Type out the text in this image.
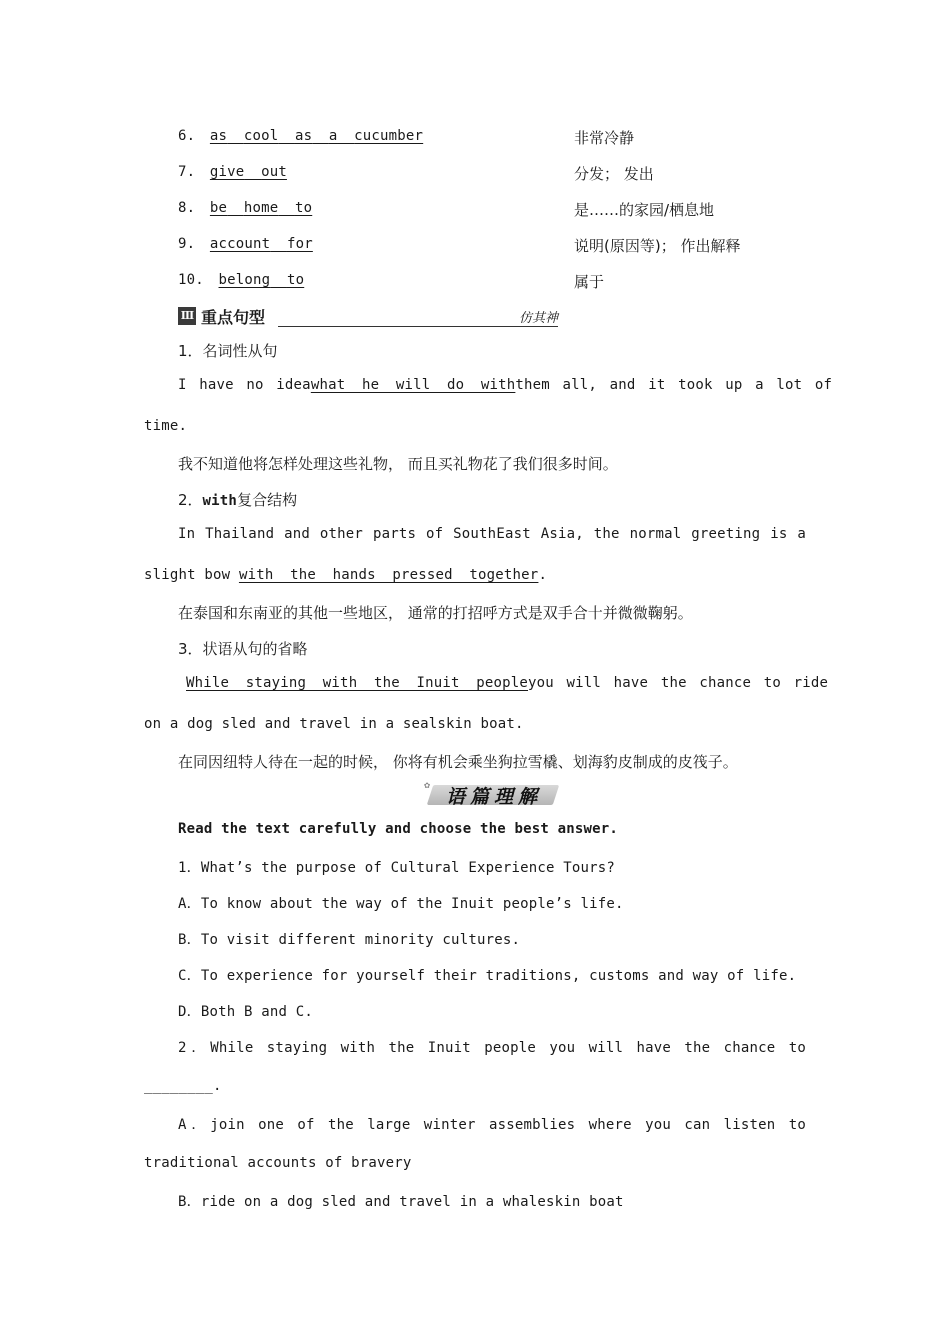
6. as cool as a cucumber	非常冷静
7. give out	分发； 发出
8. be home to	是……的家园/栖息地
9. account for	说明(原因等)； 作出解释
10. belong to	属于
Ⅲ 重点句型	仿其神
1．名词性从句
I have no idea what he will do with them all, and it took up a lot of
time.
我不知道他将怎样处理这些礼物， 而且买礼物花了我们很多时间。
2．with复合结构
In Thailand and other parts of SouthEast Asia, the normal greeting is a
slight bow with the hands pressed together.
在泰国和东南亚的其他一些地区， 通常的打招呼方式是双手合十并微微鞠躬。
3．状语从句的省略
While staying with the Inuit people you will have the chance to ride
on a dog sled and travel in a sealskin boat.
在同因纽特人待在一起的时候， 你将有机会乘坐狗拉雪橇、划海豹皮制成的皮筏子。
✿
语篇理解
Read the text carefully and choose the best answer.
1．What’s the purpose of Cultural Experience Tours?
A．To know about the way of the Inuit people’s life.
B．To visit different minority cultures.
C．To experience for yourself their traditions, customs and way of life.
D．Both B and C.
2．While staying with the Inuit people you will have the chance to
________.
A．join one of the large winter assemblies where you can listen to
traditional accounts of bravery
B．ride on a dog sled and travel in a whaleskin boat
